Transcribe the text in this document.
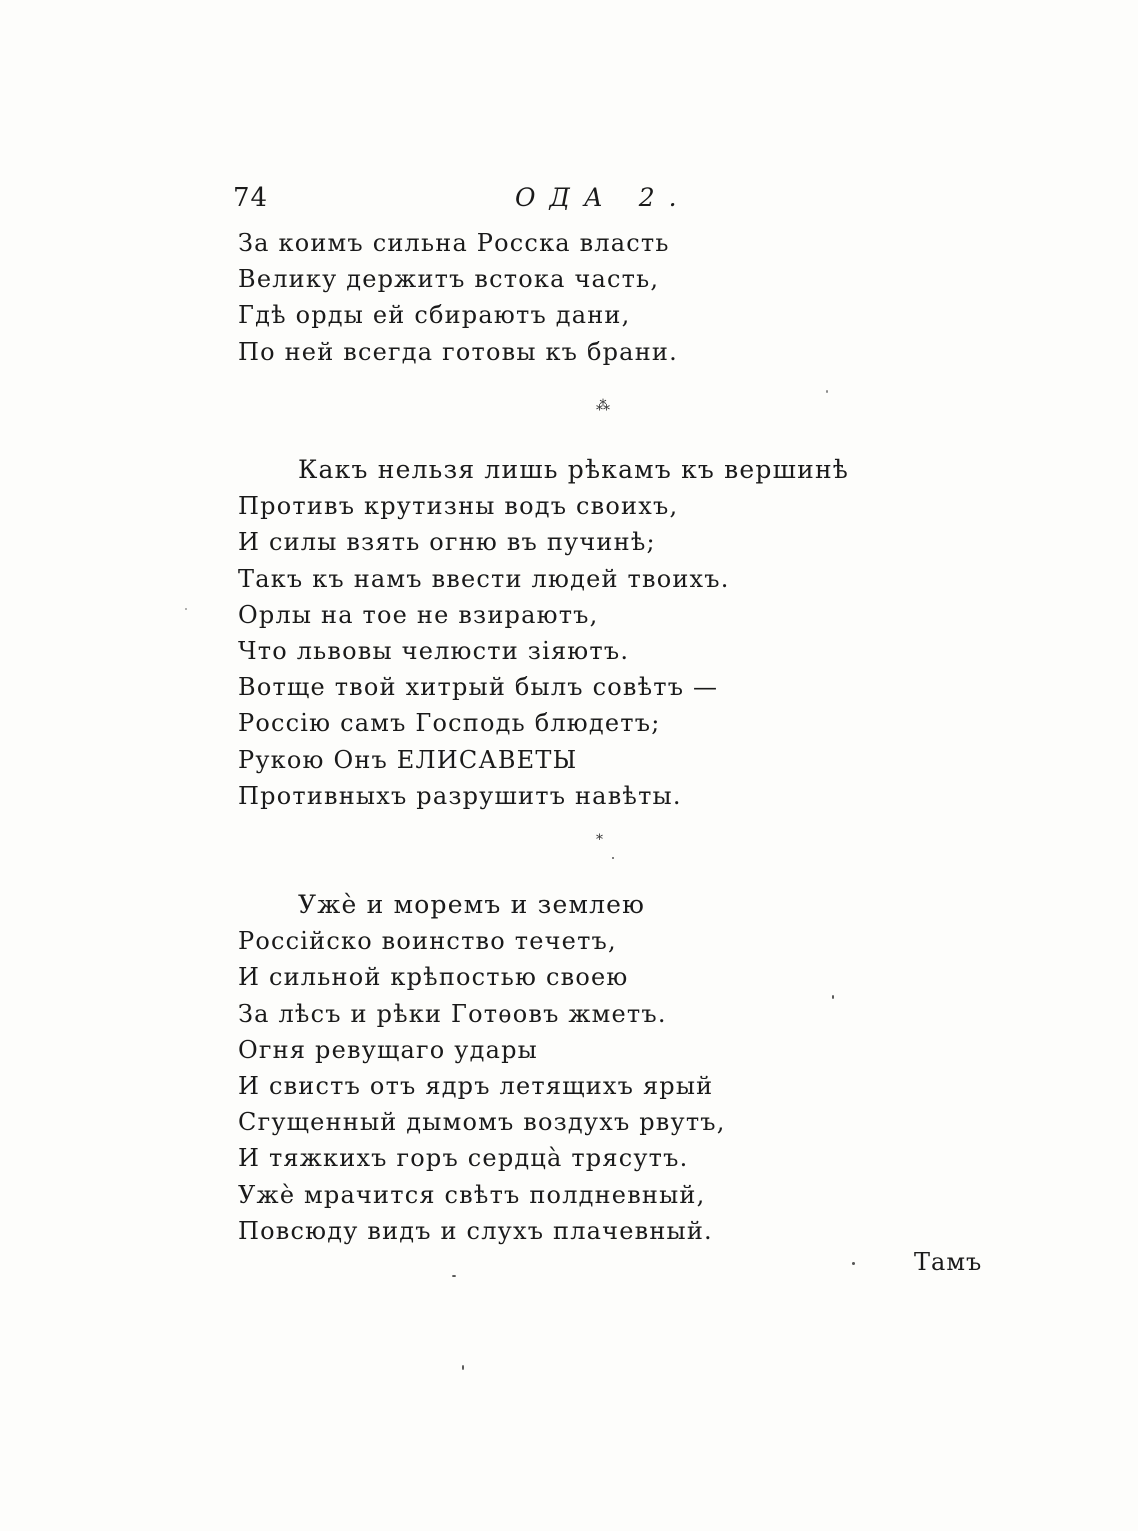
74	ОДА 2.
За коимъ сильна Росска власть
Велику держитъ встока часть,
Гдѣ орды ей сбираютъ дани,
По ней всегда готовы къ брани.
⁂
Какъ нельзя лишь рѣкамъ къ вершинѣ
Противъ крутизны водъ своихъ,
И силы взять огню въ пучинѣ;
Такъ къ намъ ввести людей твоихъ.
Орлы на тое не взираютъ,
Что львовы челюсти зіяютъ.
Вотще твой хитрый былъ совѣтъ —
Россію самъ Господь блюдетъ;
Рукою Онъ ЕЛИСАВЕТЫ
Противныхъ разрушитъ навѣты.
*
Ужè и моремъ и землею
Россійско воинство течетъ,
И сильной крѣпостью своею
За лѣсъ и рѣки Готѳовъ жметъ.
Огня ревущаго удары
И свистъ отъ ядръ летящихъ ярый
Сгущенный дымомъ воздухъ рвутъ,
И тяжкихъ горъ сердцà трясутъ.
Ужè мрачится свѣтъ полдневный,
Повсюду видъ и слухъ плачевный.
Тамъ
